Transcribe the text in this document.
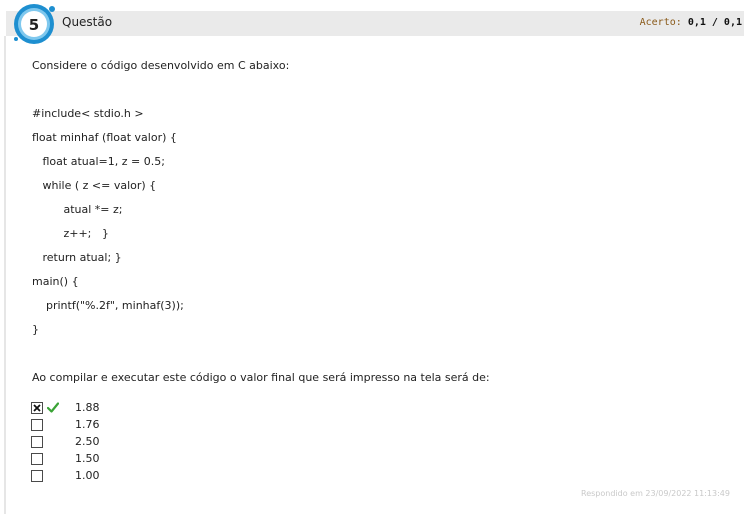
5 Questão	Acerto: 0,1 / 0,1
Considere o código desenvolvido em C abaixo:
#include< stdio.h >
float minhaf (float valor) {
float atual=1, z = 0.5;
while ( z <= valor) {
atual *= z;
z++;   }
return atual; }
main() {
printf("%.2f", minhaf(3));
}
Ao compilar e executar este código o valor final que será impresso na tela será de:
1.88
1.76
2.50
1.50
1.00
Respondido em 23/09/2022 11:13:49
